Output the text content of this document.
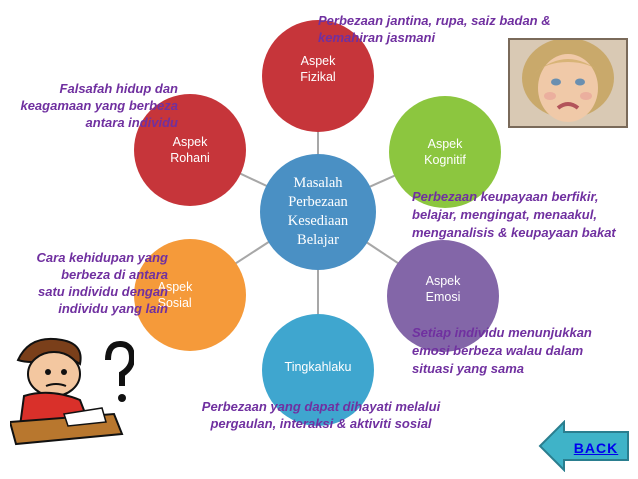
Aspek
Fizikal
Aspek
Rohani
Aspek
Kognitif
Aspek
Sosial
Aspek
Emosi
Tingkahlaku
Masalah
Perbezaan
Kesediaan
Belajar
Perbezaan jantina, rupa, saiz badan &
kemahiran jasmani
Falsafah hidup dan
keagamaan yang berbeza
antara individu
Perbezaan keupayaan berfikir,
belajar, mengingat, menaakul,
menganalisis & keupayaan bakat
Cara kehidupan yang
berbeza di antara
satu individu dengan
individu yang lain
Setiap individu menunjukkan
emosi berbeza walau dalam
situasi yang sama
Perbezaan yang dapat dihayati melalui
pergaulan, interaksi & aktiviti sosial
BACK
